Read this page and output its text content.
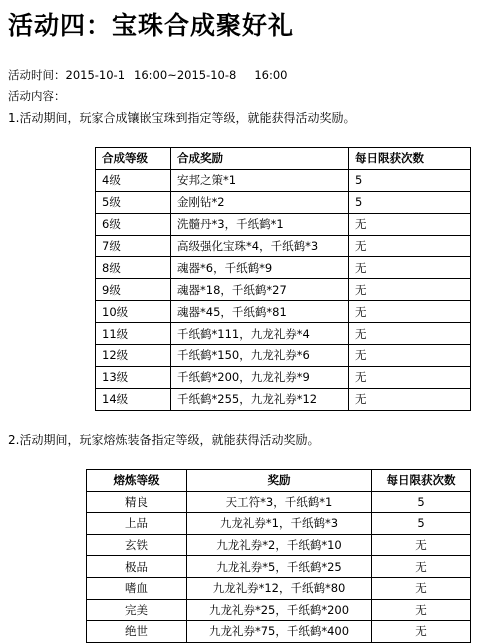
活动四：宝珠合成聚好礼
活动时间：2015-10-1 16:00~2015-10-8 16:00
活动内容：
1.活动期间，玩家合成镶嵌宝珠到指定等级，就能获得活动奖励。
合成等级	合成奖励	每日限获次数
4级	安邦之策*1	5
5级	金刚钻*2	5
6级	洗髓丹*3，千纸鹤*1	无
7级	高级强化宝珠*4，千纸鹤*3	无
8级	魂器*6，千纸鹤*9	无
9级	魂器*18，千纸鹤*27	无
10级	魂器*45，千纸鹤*81	无
11级	千纸鹤*111，九龙礼券*4	无
12级	千纸鹤*150，九龙礼券*6	无
13级	千纸鹤*200，九龙礼券*9	无
14级	千纸鹤*255，九龙礼券*12	无
2.活动期间，玩家熔炼装备指定等级，就能获得活动奖励。
熔炼等级	奖励	每日限获次数
精良	天工符*3，千纸鹤*1	5
上品	九龙礼券*1，千纸鹤*3	5
玄铁	九龙礼券*2，千纸鹤*10	无
极品	九龙礼券*5，千纸鹤*25	无
嗜血	九龙礼券*12，千纸鹤*80	无
完美	九龙礼券*25，千纸鹤*200	无
绝世	九龙礼券*75，千纸鹤*400	无
